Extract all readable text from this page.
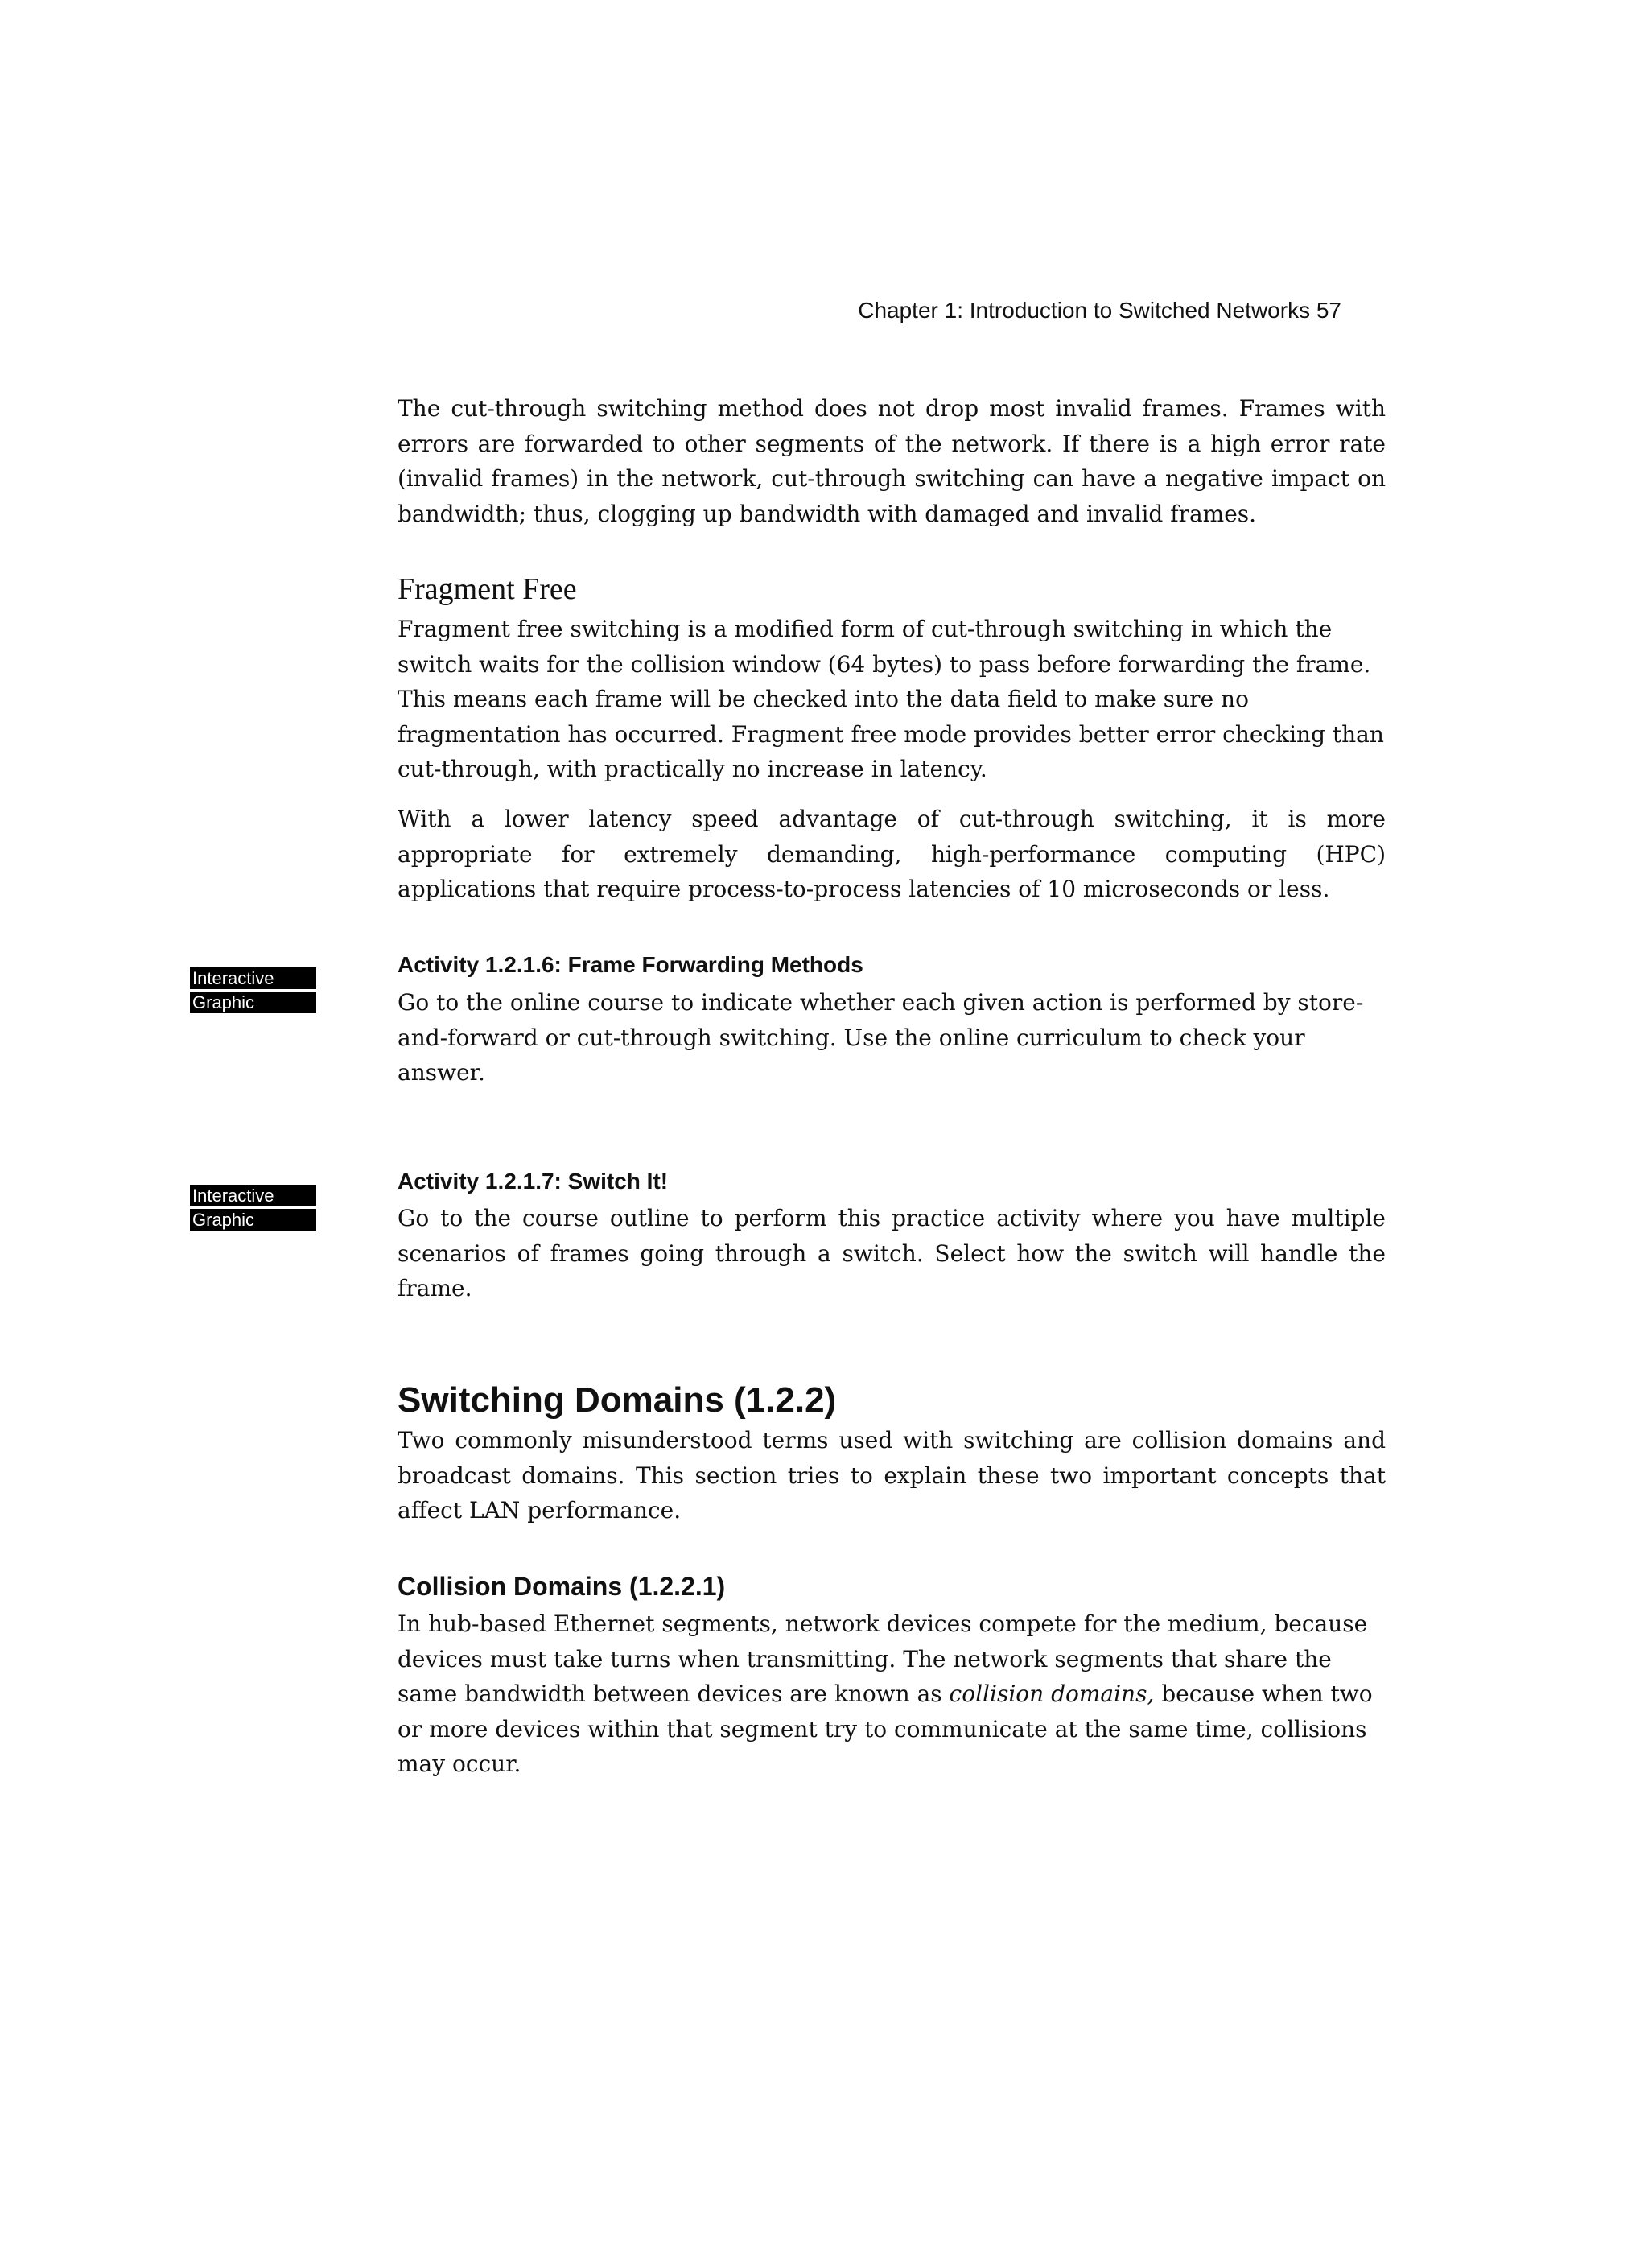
Chapter 1: Introduction to Switched Networks 57

The cut-through switching method does not drop most invalid frames. Frames with errors are forwarded to other segments of the network. If there is a high error rate (invalid frames) in the network, cut-through switching can have a negative impact on bandwidth; thus, clogging up bandwidth with damaged and invalid frames.

Fragment Free

Fragment free switching is a modified form of cut-through switching in which the switch waits for the collision window (64 bytes) to pass before forwarding the frame. This means each frame will be checked into the data field to make sure no fragmentation has occurred. Fragment free mode provides better error checking than cut-through, with practically no increase in latency.

With a lower latency speed advantage of cut-through switching, it is more appropriate for extremely demanding, high-performance computing (HPC) applications that require process-to-process latencies of 10 microseconds or less.

Interactive
Graphic
Activity 1.2.1.6: Frame Forwarding Methods

Go to the online course to indicate whether each given action is performed by store-and-forward or cut-through switching. Use the online curriculum to check your answer.

Interactive
Graphic
Activity 1.2.1.7: Switch It!

Go to the course outline to perform this practice activity where you have multiple scenarios of frames going through a switch. Select how the switch will handle the frame.

Switching Domains (1.2.2)

Two commonly misunderstood terms used with switching are collision domains and broadcast domains. This section tries to explain these two important concepts that affect LAN performance.

Collision Domains (1.2.2.1)

In hub-based Ethernet segments, network devices compete for the medium, because devices must take turns when transmitting. The network segments that share the same bandwidth between devices are known as collision domains, because when two or more devices within that segment try to communicate at the same time, collisions may occur.
